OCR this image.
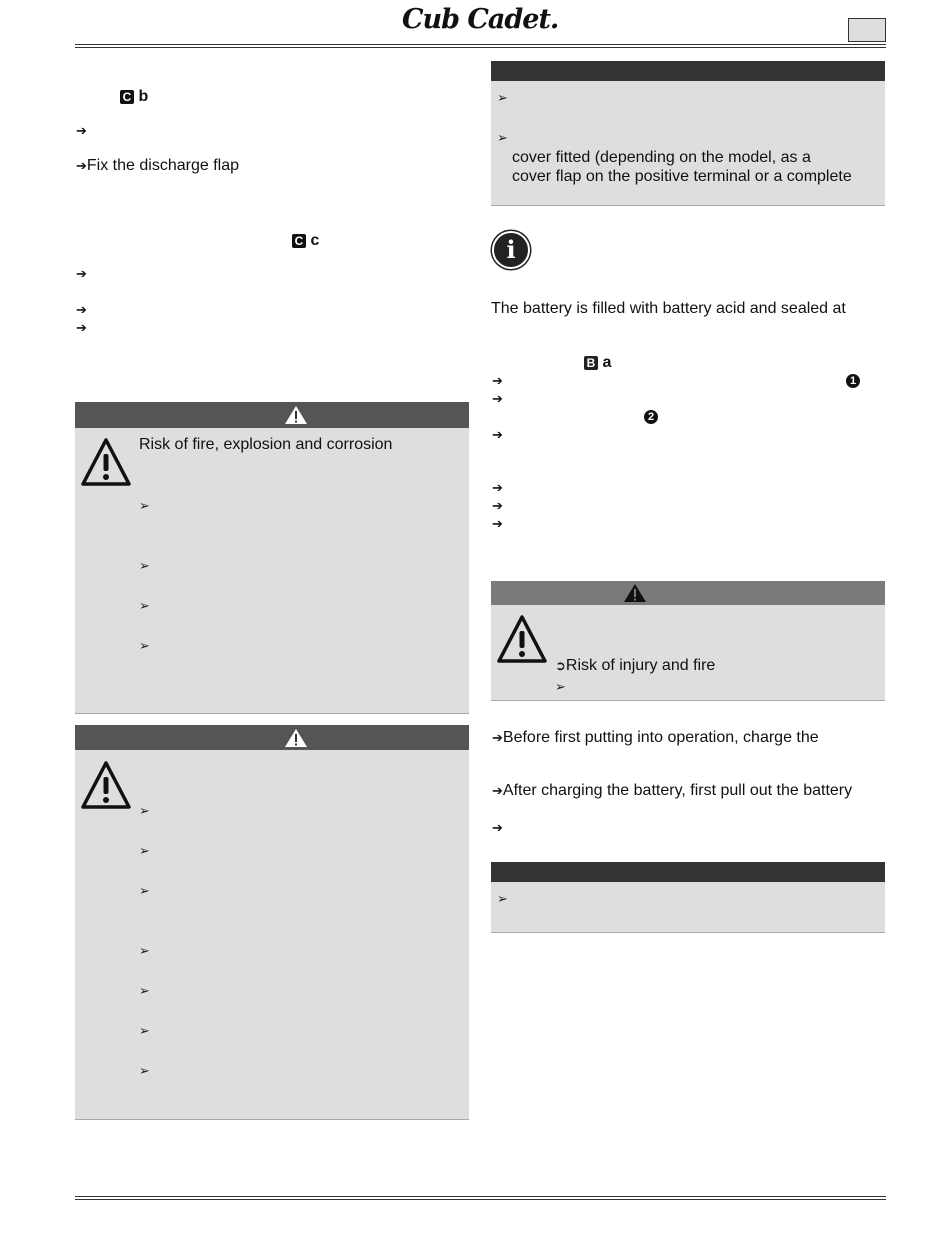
Cub Cadet.
C b
➔
➔Fix the discharge flap
C c
➔
➔
➔
Risk of fire, explosion and corrosion
➢
➢
➢
➢
➢
➢
➢
➢
➢
➢
➢
➢
➢
cover fitted (depending on the model, as a
cover flap on the positive terminal or a complete
i
The battery is filled with battery acid and sealed at
B a
➔	1
➔
2
➔
➔
➔
➔
➲Risk of injury and fire
➢
➔Before first putting into operation, charge the
➔After charging the battery, first pull out the battery
➔
➢
